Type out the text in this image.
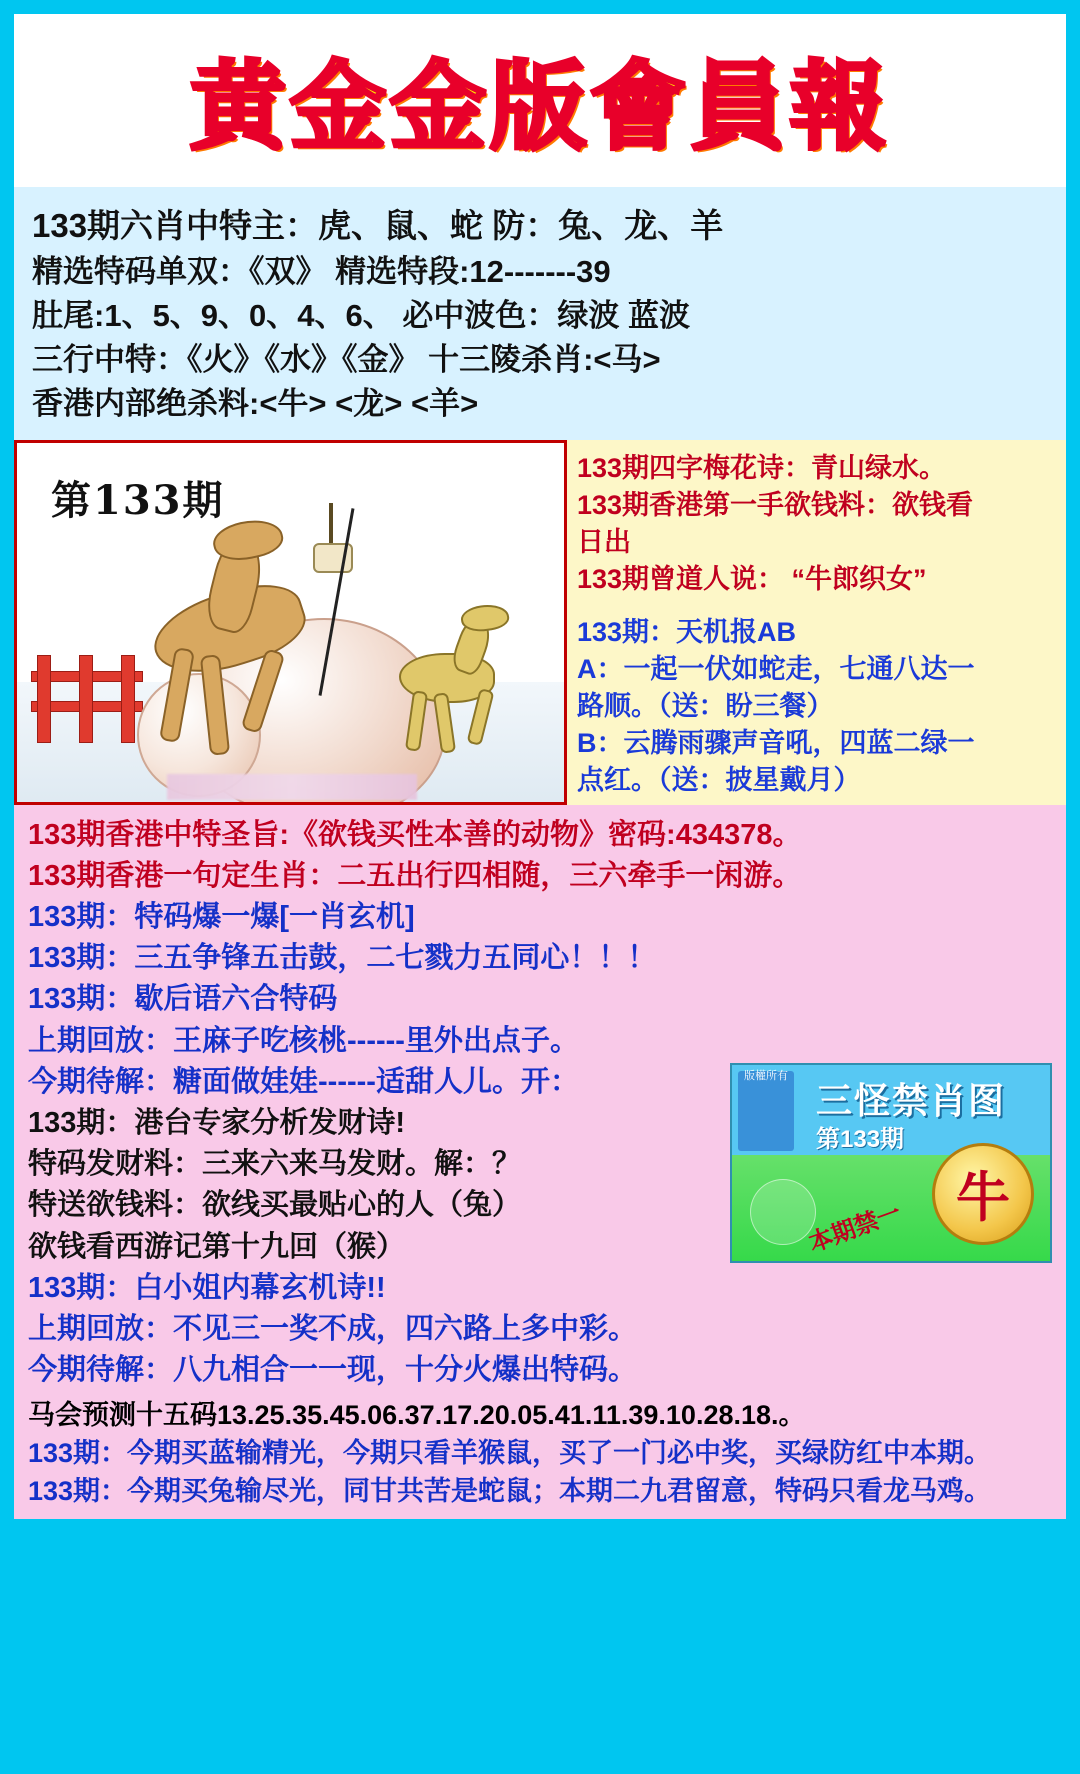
黄金金版會員報
133期六肖中特主：虎、鼠、蛇 防：兔、龙、羊
精选特码单双：《双》 精选特段:12-------39
肚尾:1、5、9、0、4、6、 必中波色：绿波 蓝波
三行中特：《火》《水》《金》 十三陵杀肖:<马>
香港内部绝杀料:<牛> <龙> <羊>
第133期
133期四字梅花诗：青山绿水。
133期香港第一手欲钱料：欲钱看
日出
133期曾道人说： “牛郎织女”
133期：天机报AB
A：一起一伏如蛇走，七通八达一
路顺。（送：盼三餐）
B：云腾雨骤声音吼，四蓝二绿一
点红。（送：披星戴月）
133期香港中特圣旨:《欲钱买性本善的动物》密码:434378。
133期香港一句定生肖：二五出行四相随，三六牵手一闲游。
133期：特码爆一爆[一肖玄机]
133期：三五争锋五击鼓，二七戮力五同心！！！
133期：歇后语六合特码
上期回放：王麻子吃核桃------里外出点子。
今期待解：糖面做娃娃------适甜人儿。开：
133期：港台专家分析发财诗!
特码发财料：三来六来马发财。解：？
特送欲钱料：欲线买最贴心的人（兔）
欲钱看西游记第十九回（猴）
133期：白小姐内幕玄机诗!!
上期回放：不见三一奖不成，四六路上多中彩。
今期待解：八九相合一一现，十分火爆出特码。
版權所有
三怪禁肖图
第133期
本期禁一 牛
马会预测十五码13.25.35.45.06.37.17.20.05.41.11.39.10.28.18.。
133期：今期买蓝输精光，今期只看羊猴鼠，买了一门必中奖，买绿防红中本期。
133期：今期买兔输尽光，同甘共苦是蛇鼠；本期二九君留意，特码只看龙马鸡。
